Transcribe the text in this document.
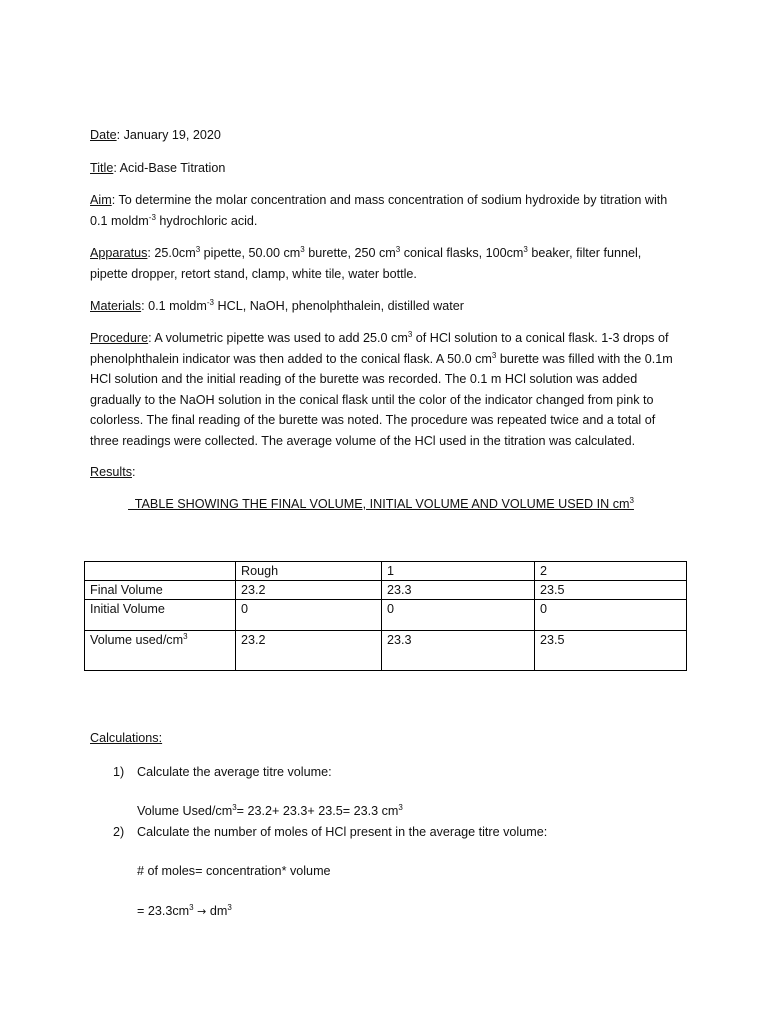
Date: January 19, 2020

Title: Acid-Base Titration

Aim: To determine the molar concentration and mass concentration of sodium hydroxide by titration with 0.1 moldm$^{-3}$ hydrochloric acid.

Apparatus: $25.0cm^3$ pipette, 50.00 $cm^3$ burette, 250 $cm^3$ conical flasks, $100cm^3$ beaker, filter funnel, pipette dropper, retort stand, clamp, white tile, water bottle.

Materials: 0.1 moldm$^{-3}$ HCL, NaOH, phenolphthalein, distilled water

Procedure: A volumetric pipette was used to add 25.0 $cm^3$ of HCl solution to a conical flask. 1-3 drops of phenolphthalein indicator was then added to the conical flask. A 50.0 $cm^3$ burette was filled with the 0.1m HCl solution and the initial reading of the burette was recorded. The 0.1 m HCl solution was added gradually to the NaOH solution in the conical flask until the color of the indicator changed from pink to colorless. The final reading of the burette was noted. The procedure was repeated twice and a total of three readings were collected. The average volume of the HCl used in the titration was calculated.

Results:

TABLE SHOWING THE FINAL VOLUME, INITIAL VOLUME AND VOLUME USED IN $cm^3$

	Rough	1	2
Final Volume	23.2	23.3	23.5
Initial Volume	0	0	0
Volume used/$cm^3$	23.2	23.3	23.5

Calculations:

1) Calculate the average titre volume:

Volume Used/$cm^3= 23.2+ 23.3+ 23.5= 23.3$ $cm^3$

2) Calculate the number of moles of HCl present in the average titre volume:

# of moles= concentration* volume

= $23.3cm^3 \to dm^3$
